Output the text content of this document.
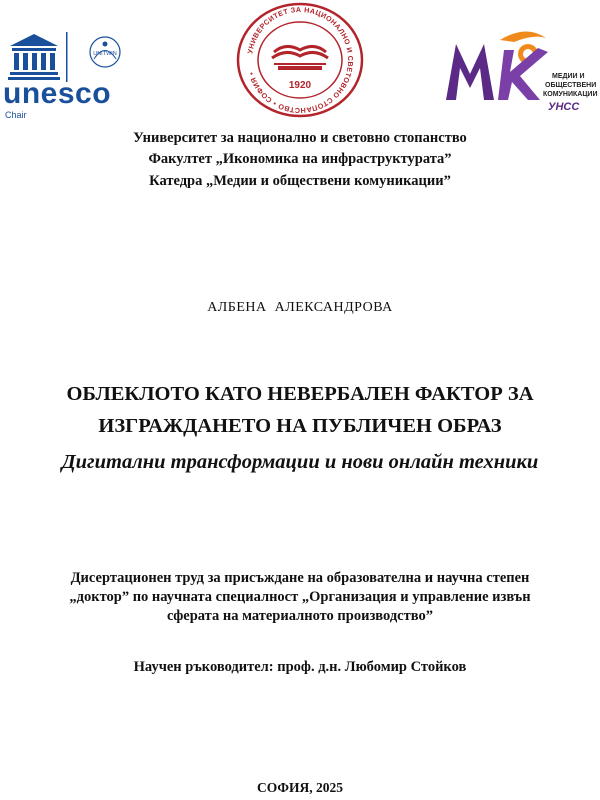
UNITWIN
unesco
Chair
УНИВЕРСИТЕТ ЗА НАЦИОНАЛНО И СВЕТОВНО СТОПАНСТВО • СОФИЯ •
1920
МЕДИИ И
ОБЩЕСТВЕНИ
КОМУНИКАЦИИ
УНСС
Университет за национално и световно стопанство
Факултет „Икономика на инфраструктурата”
Катедра „Медии и обществени комуникации”
АЛБЕНА  АЛЕКСАНДРОВА
ОБЛЕКЛОТО КАТО НЕВЕРБАЛЕН ФАКТОР ЗА
ИЗГРАЖДАНЕТО НА ПУБЛИЧЕН ОБРАЗ
Дигитални трансформации и нови онлайн техники
Дисертационен труд за присъждане на образователна и научна степен
„доктор” по научната специалност „Организация и управление извън
сферата на материалното производство”
Научен ръководител: проф. д.н. Любомир Стойков
СОФИЯ, 2025
